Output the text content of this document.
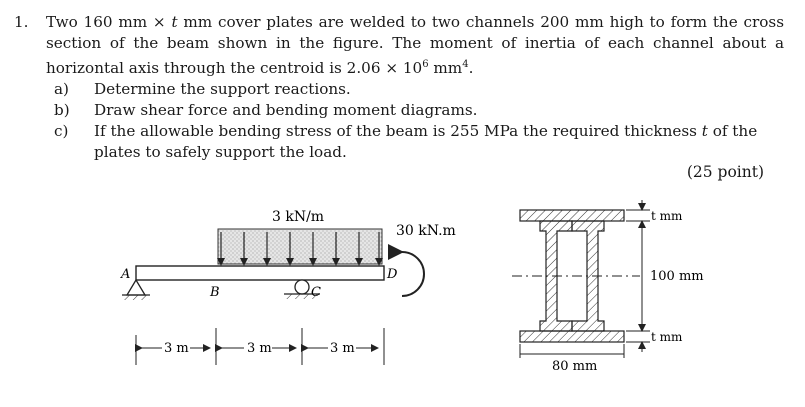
1. Two 160 mm × t mm cover plates are welded to two channels 200 mm high to form the cross section of the beam shown in the figure. The moment of inertia of each channel about a horizontal axis through the centroid is $2.06 \times 10^6$ $mm^4$.
a) Determine the support reactions.
b) Draw shear force and bending moment diagrams.
c) If the allowable bending stress of the beam is 255 MPa the required thickness t of the plates to safely support the load.
(25 point)
3 kN/m
A
B	C
D
30 kN.m
3 m	3 m	3 m
t mm
100 mm
t mm
80 mm
